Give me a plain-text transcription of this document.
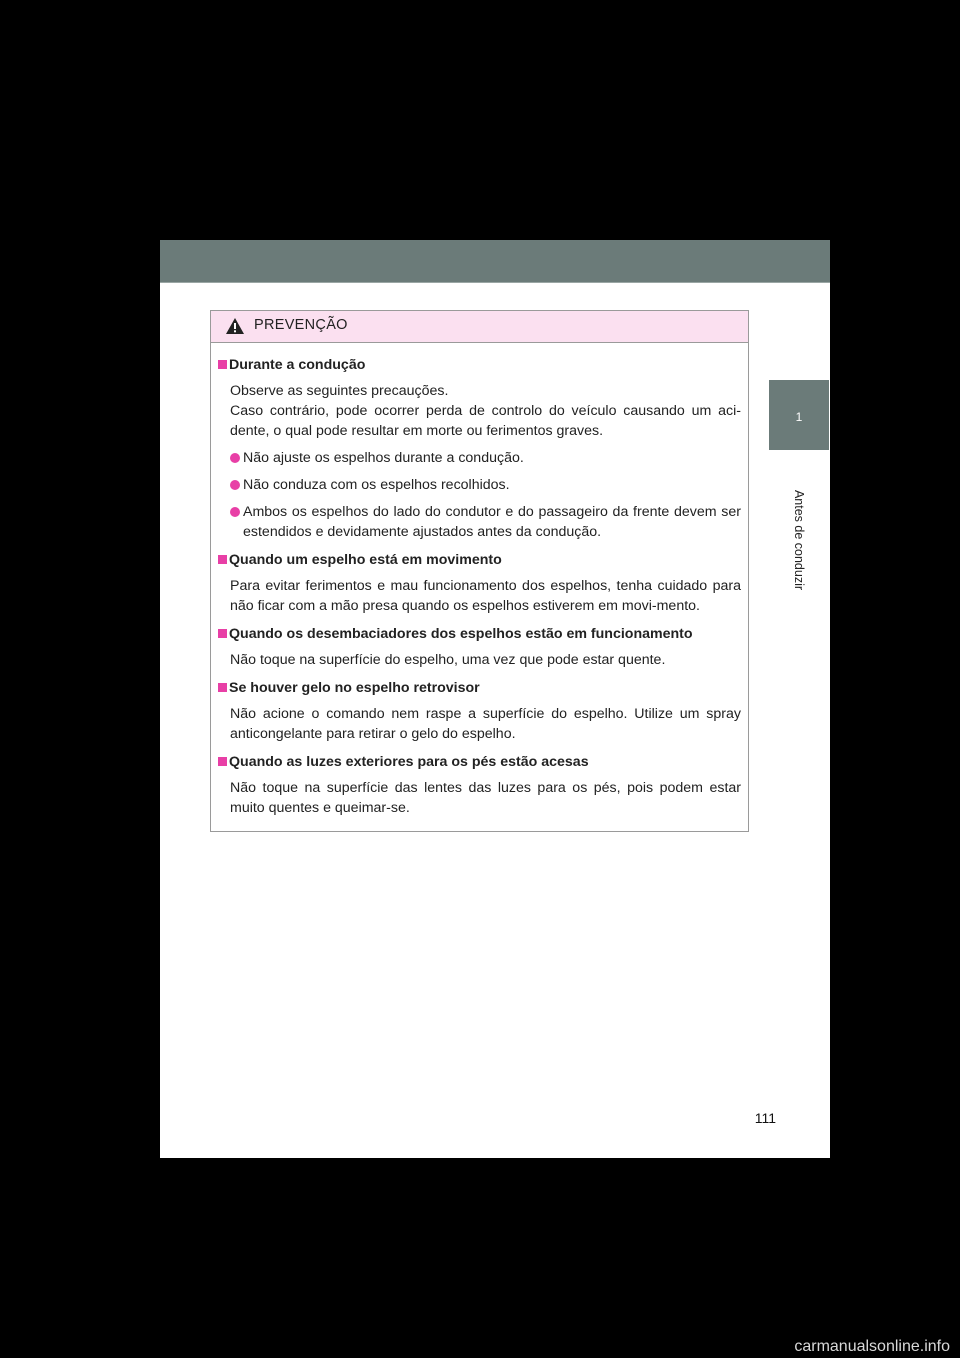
1
Antes de conduzir
111
PREVENÇÃO
Durante a condução
Observe as seguintes precauções.
Caso contrário, pode ocorrer perda de controlo do veículo causando um aci-dente, o qual pode resultar em morte ou ferimentos graves.
Não ajuste os espelhos durante a condução.
Não conduza com os espelhos recolhidos.
Ambos os espelhos do lado do condutor e do passageiro da frente devem ser estendidos e devidamente ajustados antes da condução.
Quando um espelho está em movimento
Para evitar ferimentos e mau funcionamento dos espelhos, tenha cuidado para não ficar com a mão presa quando os espelhos estiverem em movi-mento.
Quando os desembaciadores dos espelhos estão em funcionamento
Não toque na superfície do espelho, uma vez que pode estar quente.
Se houver gelo no espelho retrovisor
Não acione o comando nem raspe a superfície do espelho. Utilize um spray anticongelante para retirar o gelo do espelho.
Quando as luzes exteriores para os pés estão acesas
Não toque na superfície das lentes das luzes para os pés, pois podem estar muito quentes e queimar-se.
carmanualsonline.info
